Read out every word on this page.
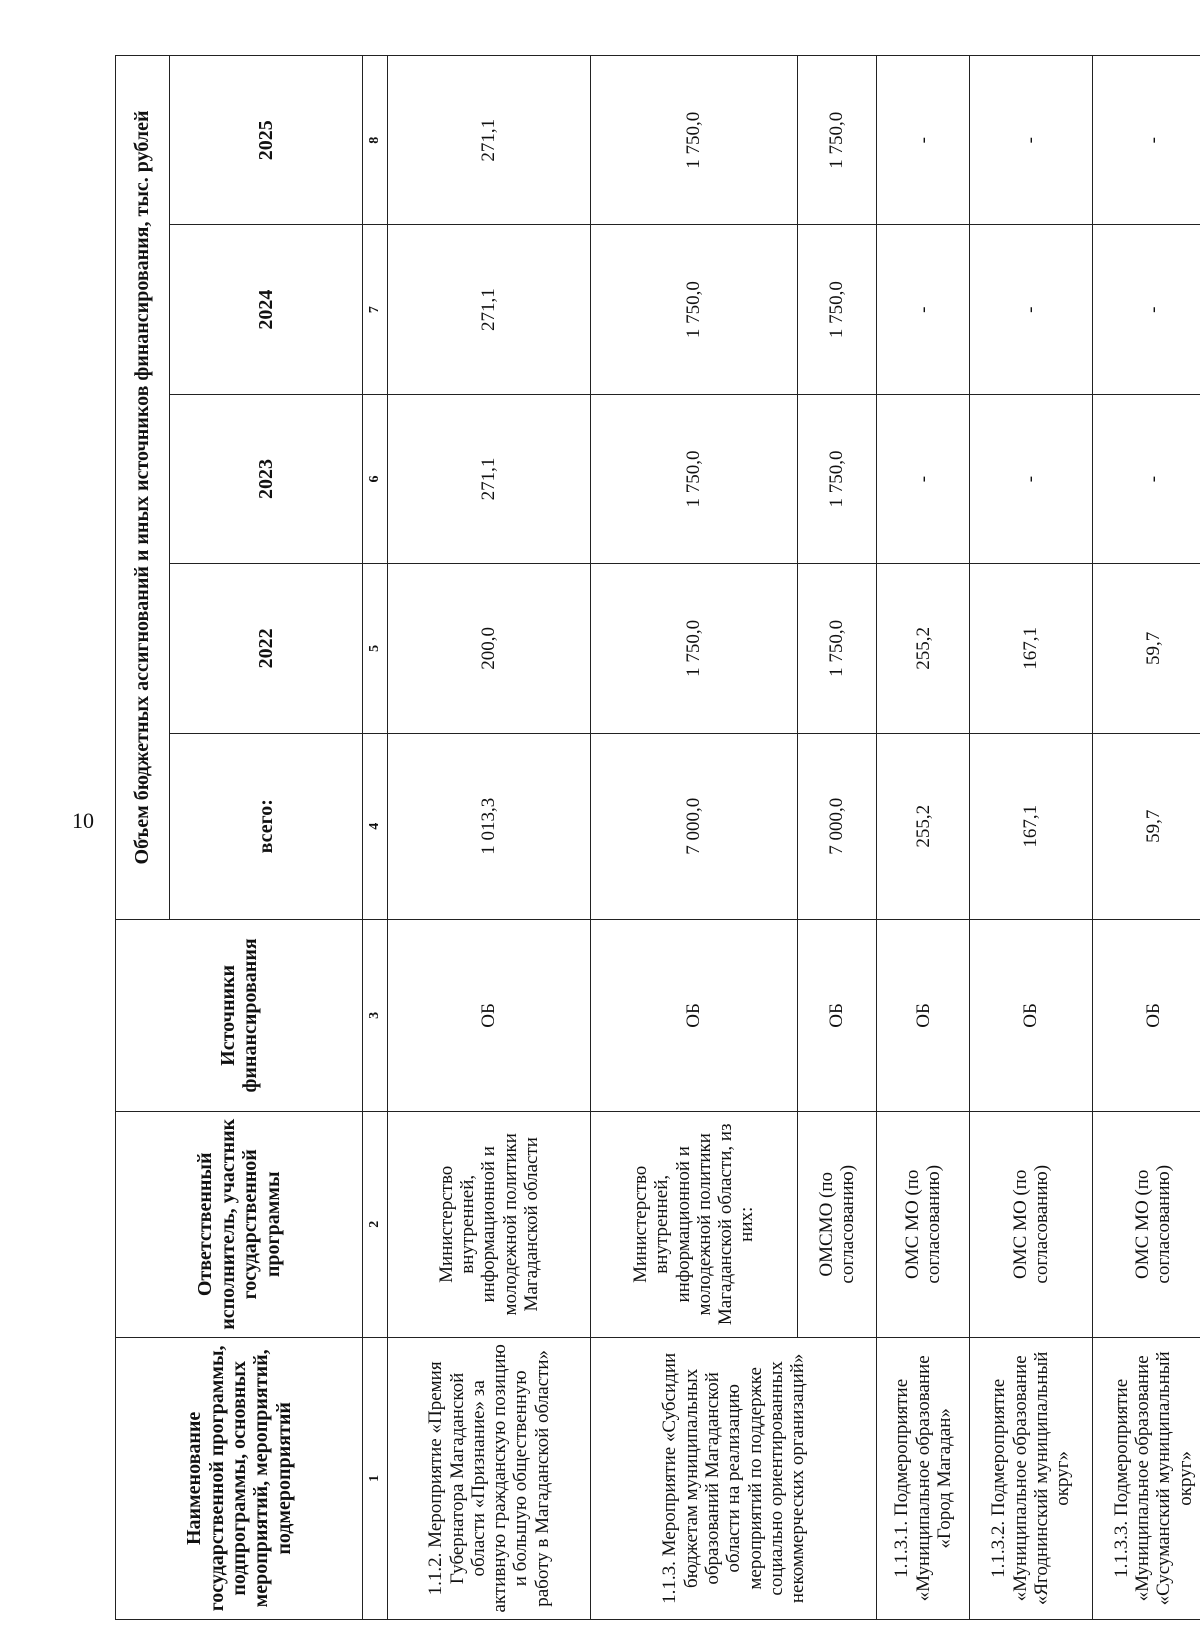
10
Наименование государственной программы, подпрограммы, основных мероприятий, мероприятий, подмероприятий	Ответственный исполнитель, участник государственной программы	Источники финансирования	Объем бюджетных ассигнований и иных источников финансирования, тыс. рублей				
			всего:	2022	2023	2024	2025
1	2	3	4	5	6	7	8
1.1.2. Мероприятие «Премия Губернатора Магаданской области «Признание» за активную гражданскую позицию и большую общественную работу в Магаданской области»	Министерство внутренней, информационной и молодежной политики Магаданской области	ОБ	1 013,3	200,0	271,1	271,1	271,1
1.1.3. Мероприятие «Субсидии бюджетам муниципальных образований Магаданской области на реализацию мероприятий по поддержке социально ориентированных некоммерческих организаций»	Министерство внутренней, информационной и молодежной политики Магаданской области, из них:	ОБ	7 000,0	1 750,0	1 750,0	1 750,0	1 750,0
	ОМСМО (по согласованию)	ОБ	7 000,0	1 750,0	1 750,0	1 750,0	1 750,0
1.1.3.1. Подмероприятие «Муниципальное образование «Город Магадан»	ОМС МО (по согласованию)	ОБ	255,2	255,2	-	-	-
1.1.3.2. Подмероприятие «Муниципальное образование «Ягоднинский муниципальный округ»	ОМС МО (по согласованию)	ОБ	167,1	167,1	-	-	-
1.1.3.3. Подмероприятие «Муниципальное образование «Сусуманский муниципальный округ»	ОМС МО (по согласованию)	ОБ	59,7	59,7	-	-	-
